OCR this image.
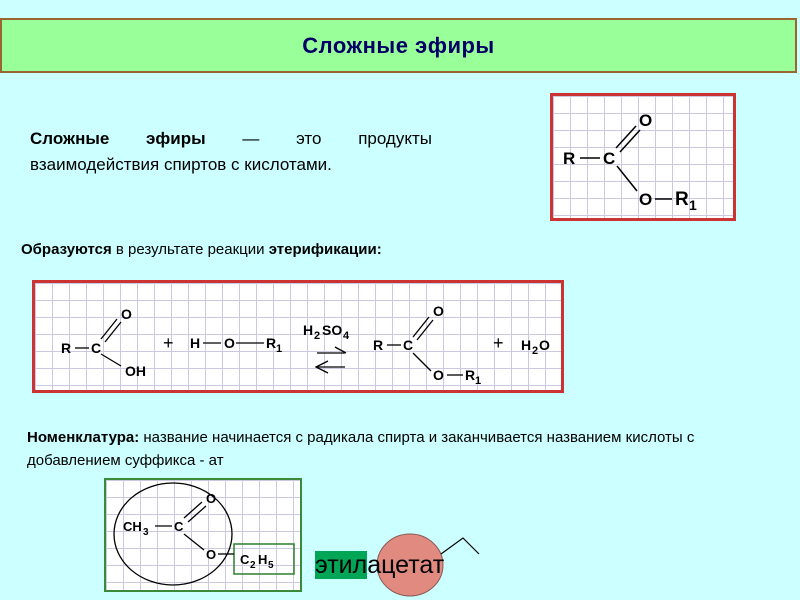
Сложные эфиры
Сложные эфиры — это продукты взаимодействия спиртов с кислотами.	R C
O
O R 1
Образуются в результате реакции этерификации:
R C
O
OH
+ H O R 1
H 2 SO 4
R C
O
O R 1
+ H 2 O
Номенклатура: название начинается с радикала спирта и заканчивается названием кислоты с добавлением суффикса - ат
CH 3 C
O
O C 2 H 5 этилацетат
